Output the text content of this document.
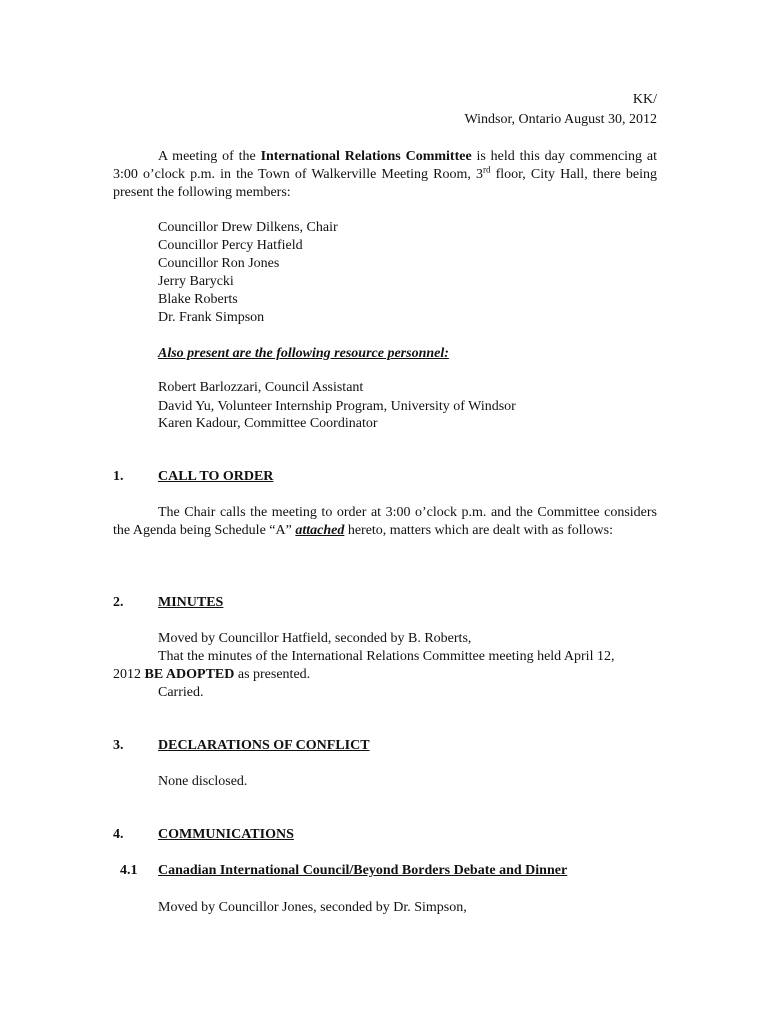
KK/
Windsor, Ontario August 30, 2012
A meeting of the International Relations Committee is held this day commencing at 3:00 o’clock p.m. in the Town of Walkerville Meeting Room, 3rd floor, City Hall, there being present the following members:
Councillor Drew Dilkens, Chair
Councillor Percy Hatfield
Councillor Ron Jones
Jerry Barycki
Blake Roberts
Dr. Frank Simpson
Also present are the following resource personnel:
Robert Barlozzari, Council Assistant
David Yu, Volunteer Internship Program, University of Windsor
Karen Kadour, Committee Coordinator
1. CALL TO ORDER
The Chair calls the meeting to order at 3:00 o’clock p.m. and the Committee considers the Agenda being Schedule “A” attached hereto, matters which are dealt with as follows:
2. MINUTES
Moved by Councillor Hatfield, seconded by B. Roberts,
That the minutes of the International Relations Committee meeting held April 12,
2012 BE ADOPTED as presented.
Carried.
3. DECLARATIONS OF CONFLICT
None disclosed.
4. COMMUNICATIONS
4.1 Canadian International Council/Beyond Borders Debate and Dinner
Moved by Councillor Jones, seconded by Dr. Simpson,
